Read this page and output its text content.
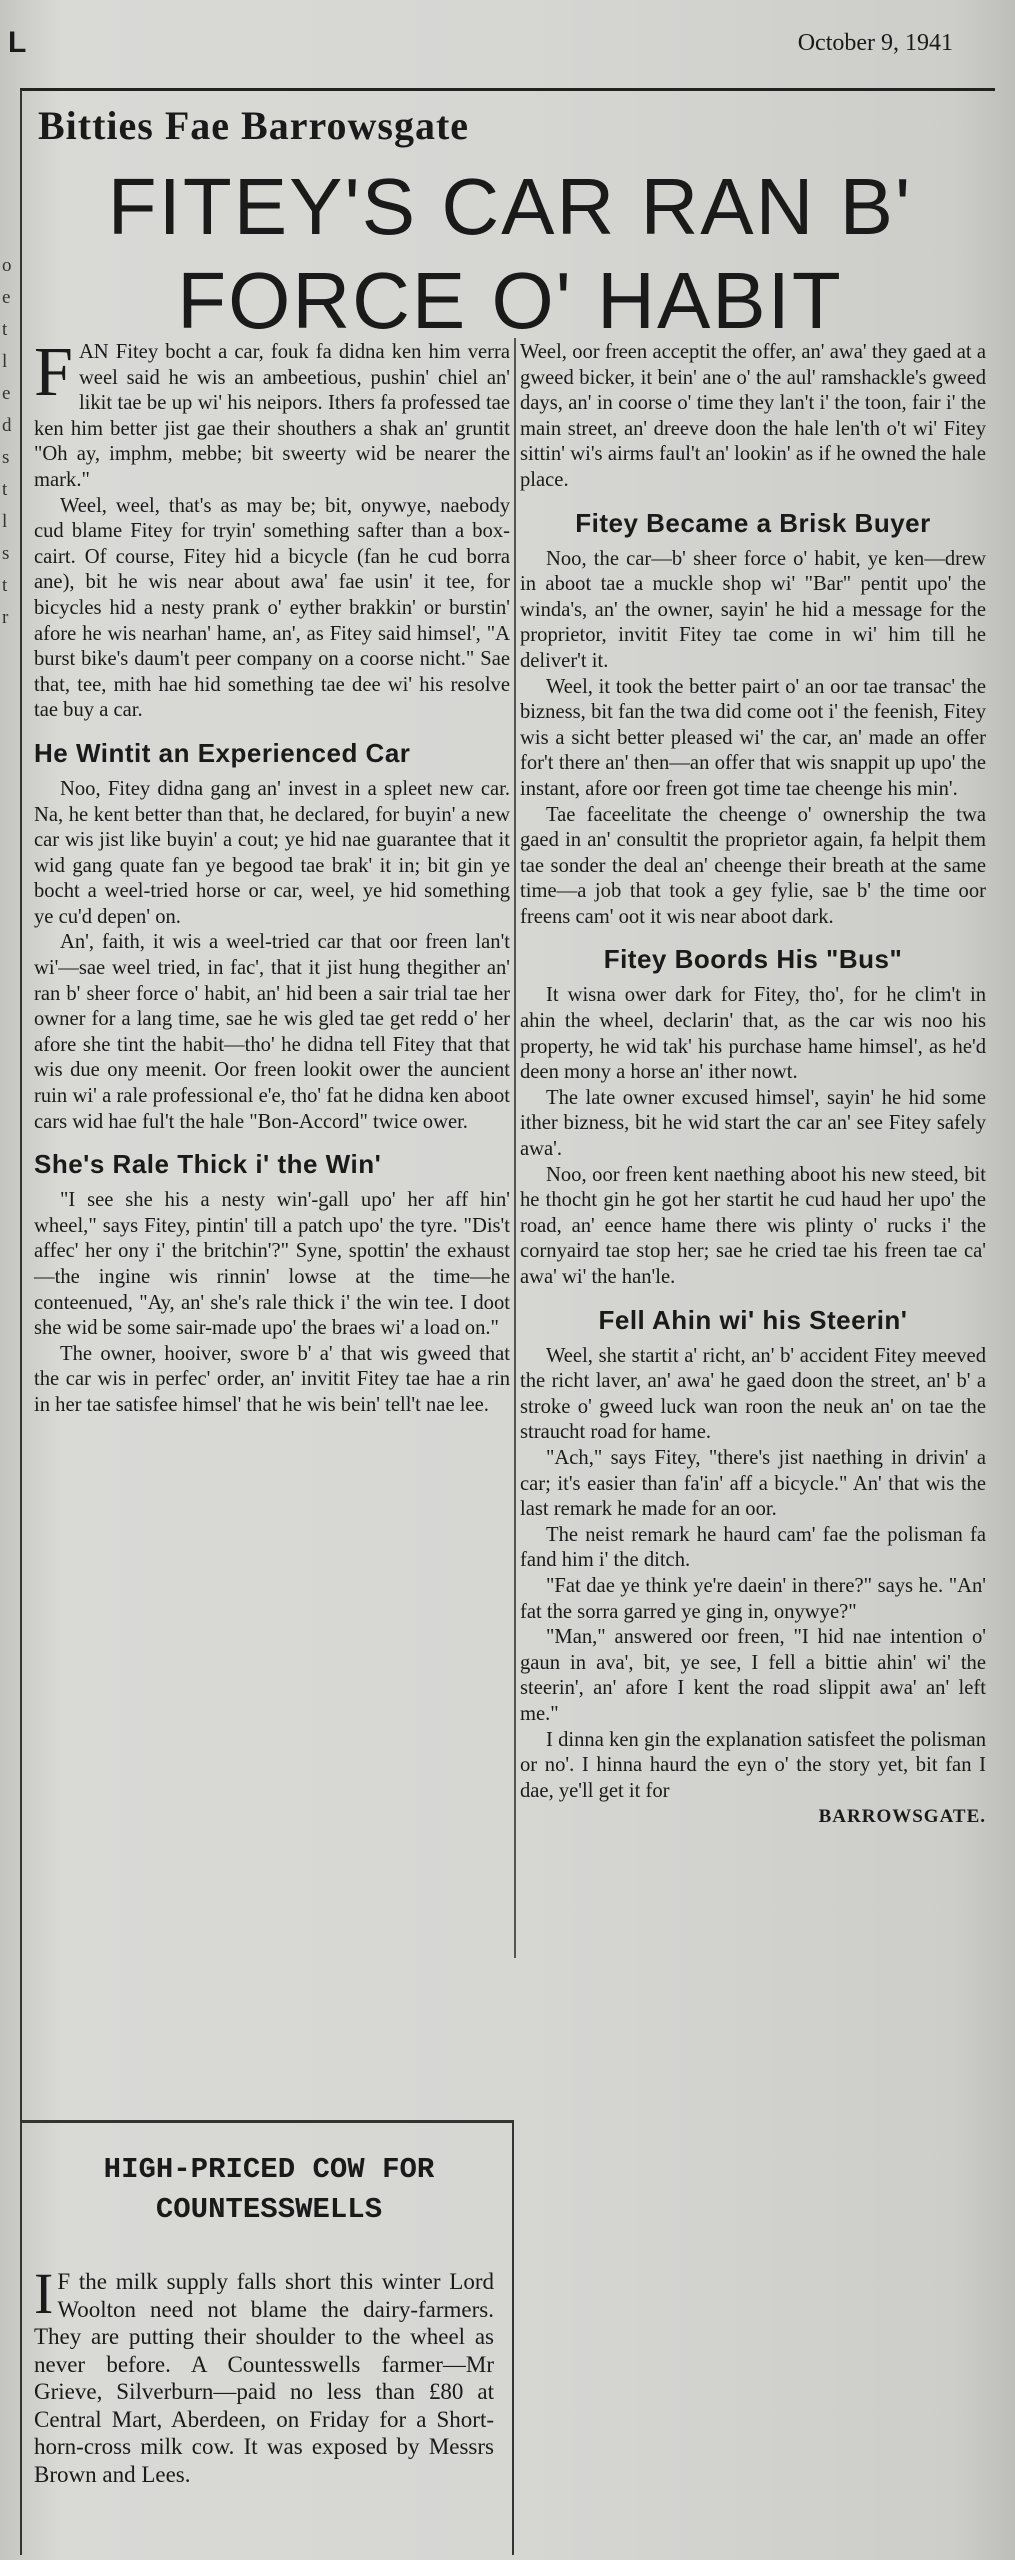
L	October 9, 1941
o
e
t
l
e
d
s
t
l
s
t
r
Bitties Fae Barrowsgate
FITEY'S CAR RAN B'
FORCE O' HABIT

FAN Fitey bocht a car, fouk fa didna ken him verra weel said he wis an ambeetious, pushin' chiel an' likit tae be up wi' his neipors. Ithers fa professed tae ken him better jist gae their shouthers a shak an' gruntit "Oh ay, imphm, mebbe; bit sweerty wid be nearer the mark."

Weel, weel, that's as may be; bit, onywye, naebody cud blame Fitey for tryin' something safter than a box-cairt. Of course, Fitey hid a bicycle (fan he cud borra ane), bit he wis near about awa' fae usin' it tee, for bicycles hid a nesty prank o' eyther brakkin' or burstin' afore he wis nearhan' hame, an', as Fitey said himsel', "A burst bike's daum't peer company on a coorse nicht." Sae that, tee, mith hae hid something tae dee wi' his resolve tae buy a car.

He Wintit an Experienced Car

Noo, Fitey didna gang an' invest in a spleet new car. Na, he kent better than that, he declared, for buyin' a new car wis jist like buyin' a cout; ye hid nae guarantee that it wid gang quate fan ye begood tae brak' it in; bit gin ye bocht a weel-tried horse or car, weel, ye hid something ye cu'd depen' on.

An', faith, it wis a weel-tried car that oor freen lan't wi'—sae weel tried, in fac', that it jist hung thegither an' ran b' sheer force o' habit, an' hid been a sair trial tae her owner for a lang time, sae he wis gled tae get redd o' her afore she tint the habit—tho' he didna tell Fitey that that wis due ony meenit. Oor freen lookit ower the auncient ruin wi' a rale professional e'e, tho' fat he didna ken aboot cars wid hae ful't the hale "Bon-Accord" twice ower.

She's Rale Thick i' the Win'

"I see she his a nesty win'-gall upo' her aff hin' wheel," says Fitey, pintin' till a patch upo' the tyre. "Dis't affec' her ony i' the britchin'?" Syne, spottin' the exhaust—the ingine wis rinnin' lowse at the time—he conteenued, "Ay, an' she's rale thick i' the win tee. I doot she wid be some sair-made upo' the braes wi' a load on."

The owner, hooiver, swore b' a' that wis gweed that the car wis in perfec' order, an' invitit Fitey tae hae a rin in her tae satisfee himsel' that he wis bein' tell't nae lee.

Weel, oor freen acceptit the offer, an' awa' they gaed at a gweed bicker, it bein' ane o' the aul' ramshackle's gweed days, an' in coorse o' time they lan't i' the toon, fair i' the main street, an' dreeve doon the hale len'th o't wi' Fitey sittin' wi's airms faul't an' lookin' as if he owned the hale place.

Fitey Became a Brisk Buyer

Noo, the car—b' sheer force o' habit, ye ken—drew in aboot tae a muckle shop wi' "Bar" pentit upo' the winda's, an' the owner, sayin' he hid a message for the proprietor, invitit Fitey tae come in wi' him till he deliver't it.

Weel, it took the better pairt o' an oor tae transac' the bizness, bit fan the twa did come oot i' the feenish, Fitey wis a sicht better pleased wi' the car, an' made an offer for't there an' then—an offer that wis snappit up upo' the instant, afore oor freen got time tae cheenge his min'.

Tae faceelitate the cheenge o' ownership the twa gaed in an' consultit the proprietor again, fa helpit them tae sonder the deal an' cheenge their breath at the same time—a job that took a gey fylie, sae b' the time oor freens cam' oot it wis near aboot dark.

Fitey Boords His "Bus"

It wisna ower dark for Fitey, tho', for he clim't in ahin the wheel, declarin' that, as the car wis noo his property, he wid tak' his purchase hame himsel', as he'd deen mony a horse an' ither nowt.

The late owner excused himsel', sayin' he hid some ither bizness, bit he wid start the car an' see Fitey safely awa'.

Noo, oor freen kent naething aboot his new steed, bit he thocht gin he got her startit he cud haud her upo' the road, an' eence hame there wis plinty o' rucks i' the cornyaird tae stop her; sae he cried tae his freen tae ca' awa' wi' the han'le.

Fell Ahin wi' his Steerin'

Weel, she startit a' richt, an' b' accident Fitey meeved the richt laver, an' awa' he gaed doon the street, an' b' a stroke o' gweed luck wan roon the neuk an' on tae the straucht road for hame.

"Ach," says Fitey, "there's jist naething in drivin' a car; it's easier than fa'in' aff a bicycle." An' that wis the last remark he made for an oor.

The neist remark he haurd cam' fae the polisman fa fand him i' the ditch.

"Fat dae ye think ye're daein' in there?" says he. "An' fat the sorra garred ye ging in, onywye?"

"Man," answered oor freen, "I hid nae intention o' gaun in ava', bit, ye see, I fell a bittie ahin' wi' the steerin', an' afore I kent the road slippit awa' an' left me."

I dinna ken gin the explanation satisfeet the polisman or no'. I hinna haurd the eyn o' the story yet, bit fan I dae, ye'll get it for

BARROWSGATE.
HIGH-PRICED COW FOR
COUNTESSWELLS
I F the milk supply falls short this winter Lord Woolton need not blame the dairy-farmers. They are putting their shoulder to the wheel as never before. A Countesswells farmer—Mr Grieve, Silverburn—paid no less than £80 at Central Mart, Aberdeen, on Friday for a Short-horn-cross milk cow. It was exposed by Messrs Brown and Lees.
